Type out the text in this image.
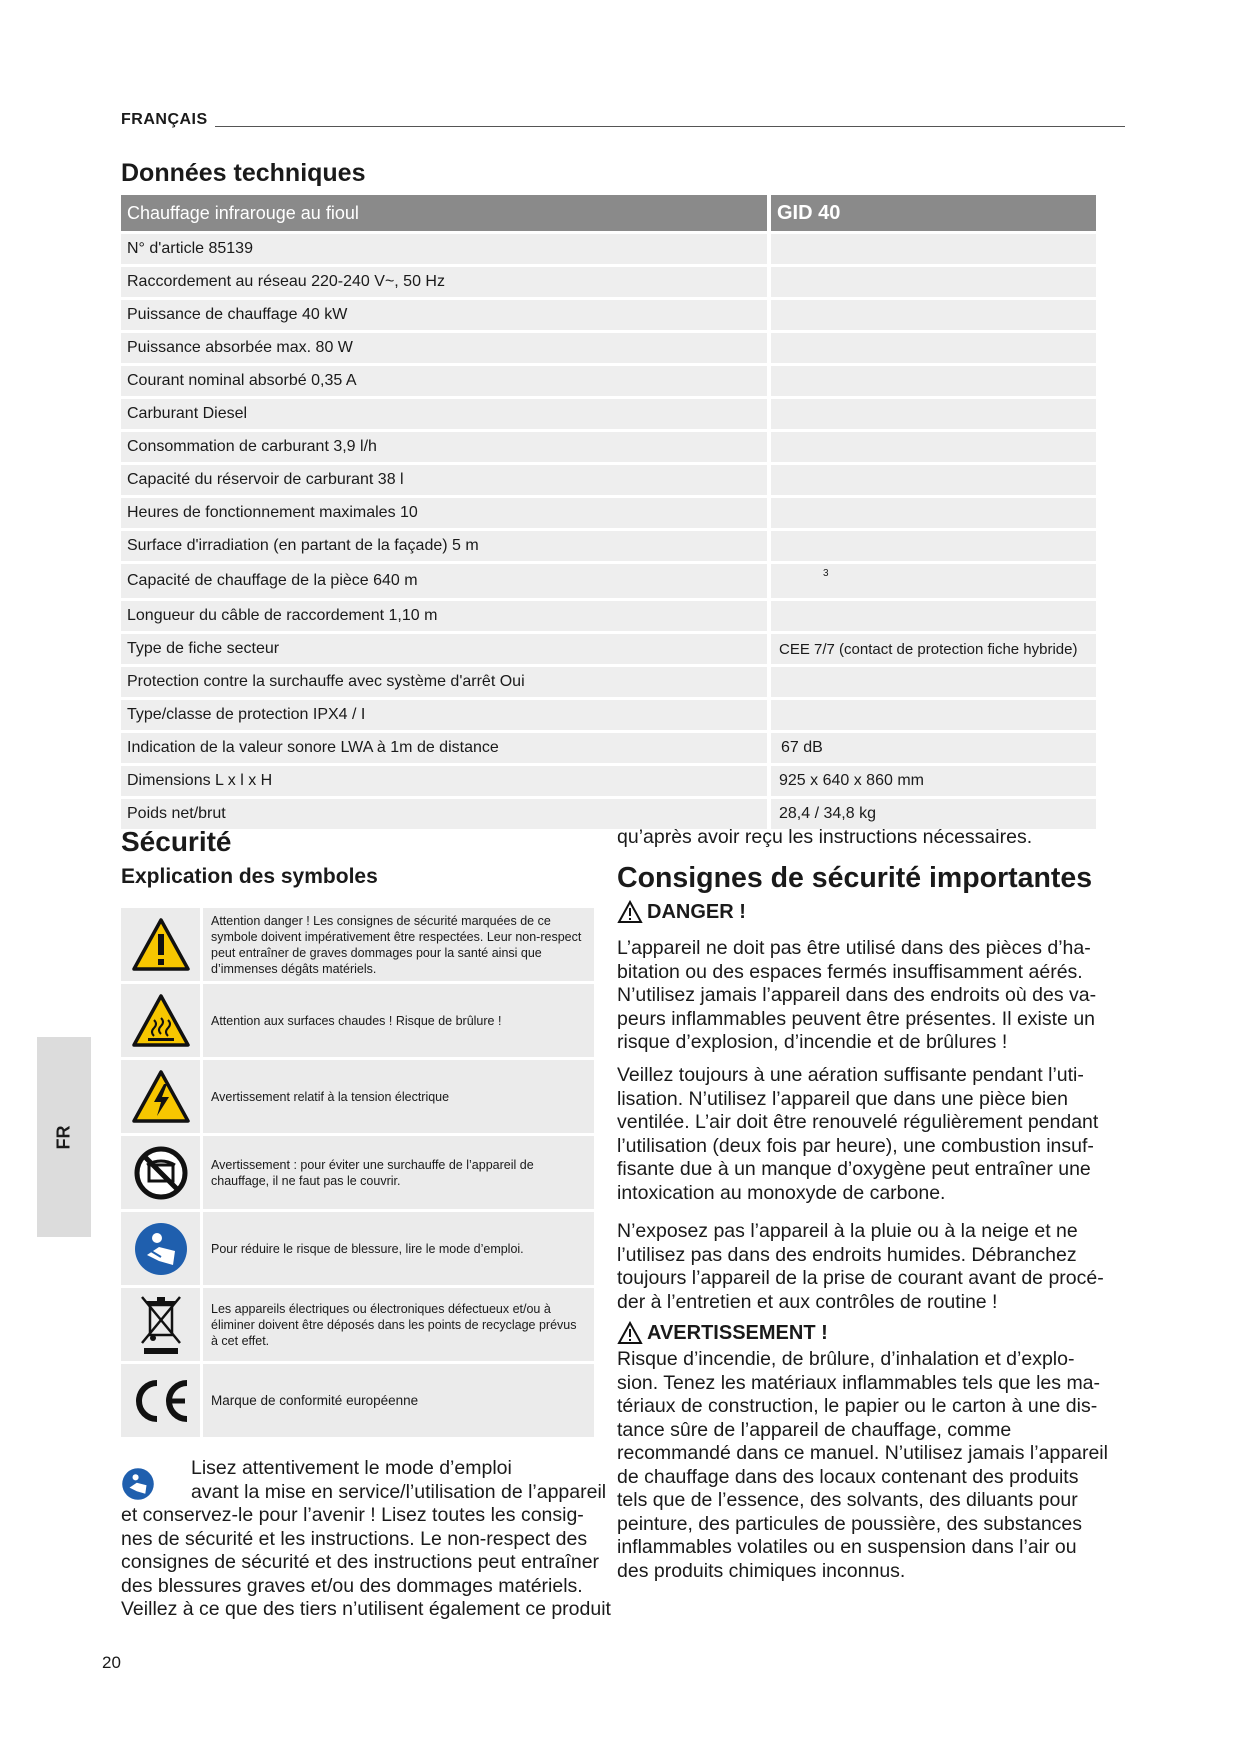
FRANÇAIS
Données techniques
Chauffage infrarouge au fioul	GID 40
N° d'article 85139	
Raccordement au réseau 220-240 V~, 50 Hz	
Puissance de chauffage 40 kW	
Puissance absorbée max. 80 W	
Courant nominal absorbé 0,35 A	
Carburant Diesel	
Consommation de carburant 3,9 l/h	
Capacité du réservoir de carburant 38 l	
Heures de fonctionnement maximales 10	
Surface d'irradiation (en partant de la façade) 5 m	
Capacité de chauffage de la pièce 640 m	3
Longueur du câble de raccordement 1,10 m	
Type de fiche secteur	CEE 7/7 (contact de protection fiche hybride)
Protection contre la surchauffe avec système d'arrêt Oui	
Type/classe de protection IPX4 / I	
Indication de la valeur sonore LWA à 1m de distance	67 dB
Dimensions L x l x H	925 x 640 x 860 mm
Poids net/brut	28,4 / 34,8 kg
Sécurité
Explication des symboles
Attention danger ! Les consignes de sécurité marquées de ce symbole doivent impérativement être respectées. Leur non-respect peut entraîner de graves dommages pour la santé ainsi que d’immenses dégâts matériels.
Attention aux surfaces chaudes ! Risque de brûlure !
Avertissement relatif à la tension électrique
Avertissement : pour éviter une surchauffe de l’appareil de chauffage, il ne faut pas le couvrir.
Pour réduire le risque de blessure, lire le mode d’emploi.
Les appareils électriques ou électroniques défectueux et/ou à éliminer doivent être déposés dans les points de recyclage prévus à cet effet.
Marque de conformité européenne
Lisez attentivement le mode d’emploi
avant la mise en service/l’utilisation de l’appareil
et conservez-le pour l’avenir ! Lisez toutes les consig-
nes de sécurité et les instructions. Le non-respect des
consignes de sécurité et des instructions peut entraîner
des blessures graves et/ou des dommages matériels.
Veillez à ce que des tiers n’utilisent également ce produit
qu’après avoir reçu les instructions nécessaires.
Consignes de sécurité importantes
DANGER !
L’appareil ne doit pas être utilisé dans des pièces d’ha-
bitation ou des espaces fermés insuffisamment aérés.
N’utilisez jamais l’appareil dans des endroits où des va-
peurs inflammables peuvent être présentes. Il existe un
risque d’explosion, d’incendie et de brûlures !
Veillez toujours à une aération suffisante pendant l’uti-
lisation. N’utilisez l’appareil que dans une pièce bien
ventilée. L’air doit être renouvelé régulièrement pendant
l’utilisation (deux fois par heure), une combustion insuf-
fisante due à un manque d’oxygène peut entraîner une
intoxication au monoxyde de carbone.
N’exposez pas l’appareil à la pluie ou à la neige et ne
l’utilisez pas dans des endroits humides. Débranchez
toujours l’appareil de la prise de courant avant de procé-
der à l’entretien et aux contrôles de routine !
AVERTISSEMENT !
Risque d’incendie, de brûlure, d’inhalation et d’explo-
sion. Tenez les matériaux inflammables tels que les ma-
tériaux de construction, le papier ou le carton à une dis-
tance sûre de l’appareil de chauffage, comme
recommandé dans ce manuel. N’utilisez jamais l’appareil
de chauffage dans des locaux contenant des produits
tels que de l’essence, des solvants, des diluants pour
peinture, des particules de poussière, des substances
inflammables volatiles ou en suspension dans l’air ou
des produits chimiques inconnus.
FR
20
